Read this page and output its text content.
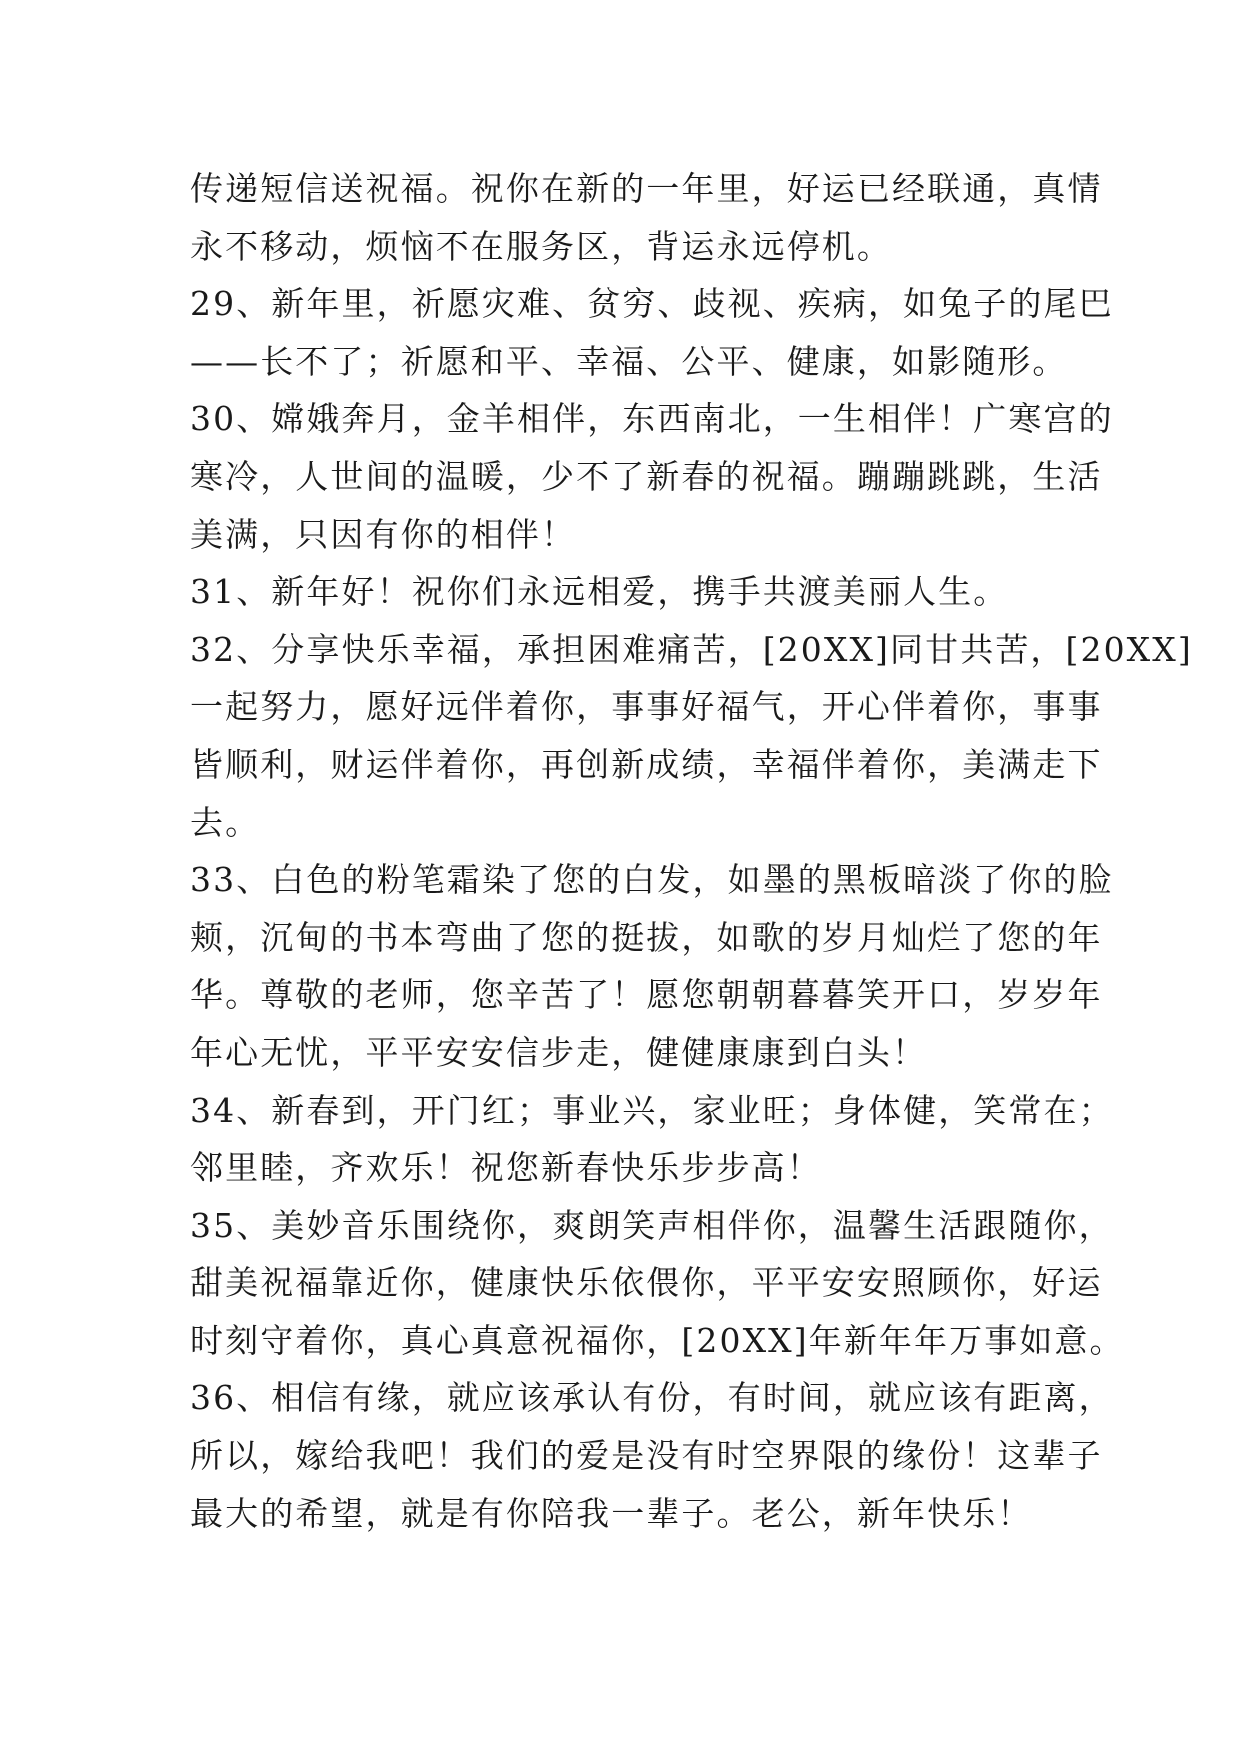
传递短信送祝福。祝你在新的一年里，好运已经联通，真情
永不移动，烦恼不在服务区，背运永远停机。
29、新年里，祈愿灾难、贫穷、歧视、疾病，如兔子的尾巴
——长不了；祈愿和平、幸福、公平、健康，如影随形。
30、嫦娥奔月，金羊相伴，东西南北，一生相伴！广寒宫的
寒冷，人世间的温暖，少不了新春的祝福。蹦蹦跳跳，生活
美满，只因有你的相伴！
31、新年好！祝你们永远相爱，携手共渡美丽人生。
32、分享快乐幸福，承担困难痛苦，[20XX]同甘共苦，[20XX]
一起努力，愿好远伴着你，事事好福气，开心伴着你，事事
皆顺利，财运伴着你，再创新成绩，幸福伴着你，美满走下
去。
33、白色的粉笔霜染了您的白发，如墨的黑板暗淡了你的脸
颊，沉甸的书本弯曲了您的挺拔，如歌的岁月灿烂了您的年
华。尊敬的老师，您辛苦了！愿您朝朝暮暮笑开口，岁岁年
年心无忧，平平安安信步走，健健康康到白头！
34、新春到，开门红；事业兴，家业旺；身体健，笑常在；
邻里睦，齐欢乐！祝您新春快乐步步高！
35、美妙音乐围绕你，爽朗笑声相伴你，温馨生活跟随你，
甜美祝福靠近你，健康快乐依偎你，平平安安照顾你，好运
时刻守着你，真心真意祝福你，[20XX]年新年年万事如意。
36、相信有缘，就应该承认有份，有时间，就应该有距离，
所以，嫁给我吧！我们的爱是没有时空界限的缘份！这辈子
最大的希望，就是有你陪我一辈子。老公，新年快乐！
